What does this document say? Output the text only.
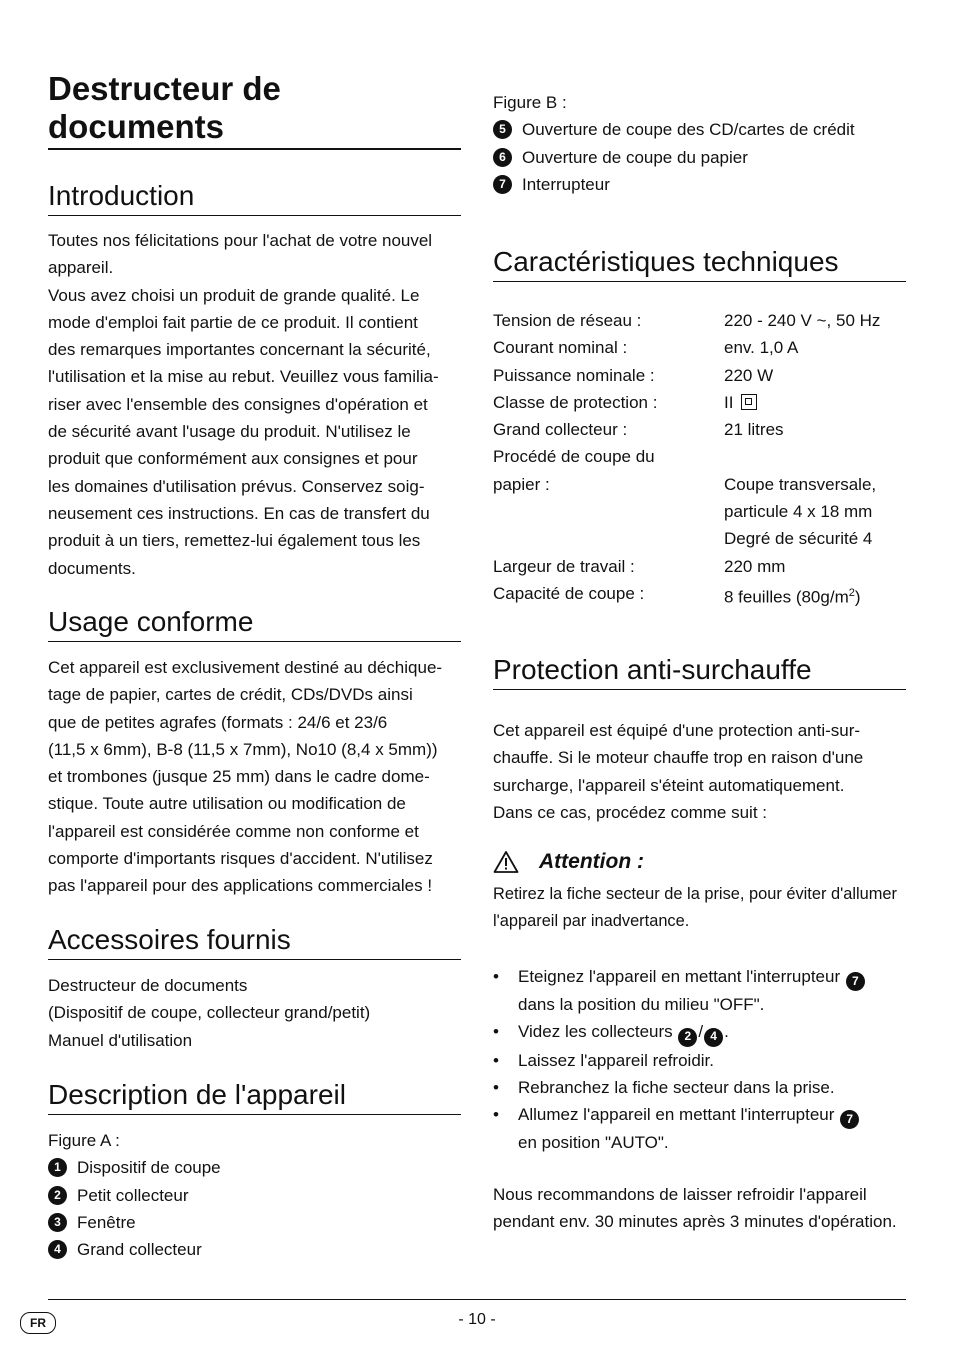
Destructeur de documents
Introduction

Toutes nos félicitations pour l'achat de votre nouvel

appareil.

Vous avez choisi un produit de grande qualité. Le

mode d'emploi fait partie de ce produit. Il contient

des remarques importantes concernant la sécurité,

l'utilisation et la mise au rebut. Veuillez vous familia-

riser avec l'ensemble des consignes d'opération et

de sécurité avant l'usage du produit. N'utilisez le

produit que conformément aux consignes et pour

les domaines d'utilisation prévus. Conservez soig-

neusement ces instructions. En cas de transfert du

produit à un tiers, remettez-lui également tous les

documents.

Usage conforme

Cet appareil est exclusivement destiné au déchique-

tage de papier, cartes de crédit, CDs/DVDs ainsi

que de petites agrafes (formats : 24/6 et 23/6

(11,5 x 6mm), B-8 (11,5 x 7mm), No10 (8,4 x 5mm))

et trombones (jusque 25 mm) dans le cadre dome-

stique. Toute autre utilisation ou modification de

l'appareil est considérée comme non conforme et

comporte d'importants risques d'accident. N'utilisez

pas l'appareil pour des applications commerciales !

Accessoires fournis

Destructeur de documents

(Dispositif de coupe, collecteur grand/petit)

Manuel d'utilisation

Description de l'appareil

Figure A :

1 Dispositif de coupe
2 Petit collecteur
3 Fenêtre
4 Grand collecteur

Figure B :

5 Ouverture de coupe des CD/cartes de crédit
6 Ouverture de coupe du papier
7 Interrupteur
Caractéristiques techniques
Tension de réseau :	220 - 240 V ~, 50 Hz
Courant nominal :	env. 1,0 A
Puissance nominale :	220 W
Classe de protection :	II
Grand collecteur :	21 litres
Procédé de coupe du
papier :	Coupe transversale,
particule 4 x 18 mm
Degré de sécurité 4
Largeur de travail :	220 mm
Capacité de coupe :	8 feuilles $(80g/m^2)$
Protection anti-surchauffe

Cet appareil est équipé d'une protection anti-sur-

chauffe. Si le moteur chauffe trop en raison d'une

surcharge, l'appareil s'éteint automatiquement.

Dans ce cas, procédez comme suit :

Attention :

Retirez la fiche secteur de la prise, pour éviter d'allumer

l'appareil par inadvertance.

• Eteignez l'appareil en mettant l'interrupteur 7
dans la position du milieu "OFF".
• Videz les collecteurs 2 / 4 .
• Laissez l'appareil refroidir.
• Rebranchez la fiche secteur dans la prise.
• Allumez l'appareil en mettant l'interrupteur 7
en position "AUTO".

Nous recommandons de laisser refroidir l'appareil

pendant env. 30 minutes après 3 minutes d'opération.

FR	- 10 -
